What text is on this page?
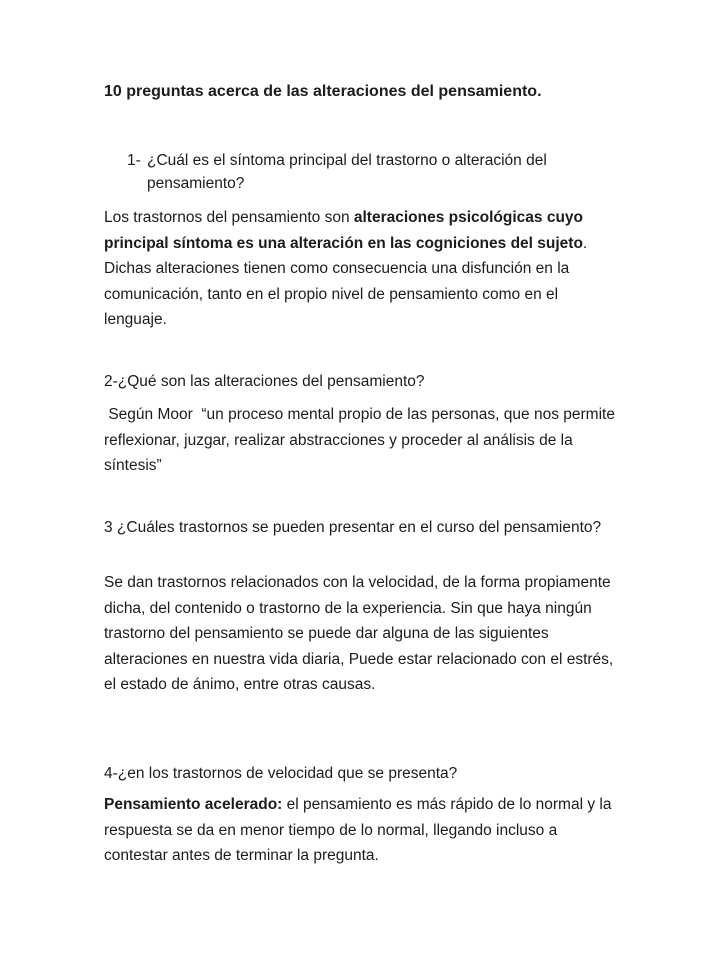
10 preguntas acerca de las alteraciones del pensamiento.
1- ¿Cuál es el síntoma principal del trastorno o alteración del pensamiento?
Los trastornos del pensamiento son alteraciones psicológicas cuyo principal síntoma es una alteración en las cogniciones del sujeto. Dichas alteraciones tienen como consecuencia una disfunción en la comunicación, tanto en el propio nivel de pensamiento como en el lenguaje.
2-¿Qué son las alteraciones del pensamiento?
Según Moor  “un proceso mental propio de las personas, que nos permite reflexionar, juzgar, realizar abstracciones y proceder al análisis de la síntesis”
3 ¿Cuáles trastornos se pueden presentar en el curso del pensamiento?
Se dan trastornos relacionados con la velocidad, de la forma propiamente dicha, del contenido o trastorno de la experiencia. Sin que haya ningún trastorno del pensamiento se puede dar alguna de las siguientes alteraciones en nuestra vida diaria, Puede estar relacionado con el estrés, el estado de ánimo, entre otras causas.
4-¿en los trastornos de velocidad que se presenta?
Pensamiento acelerado: el pensamiento es más rápido de lo normal y la respuesta se da en menor tiempo de lo normal, llegando incluso a contestar antes de terminar la pregunta.
